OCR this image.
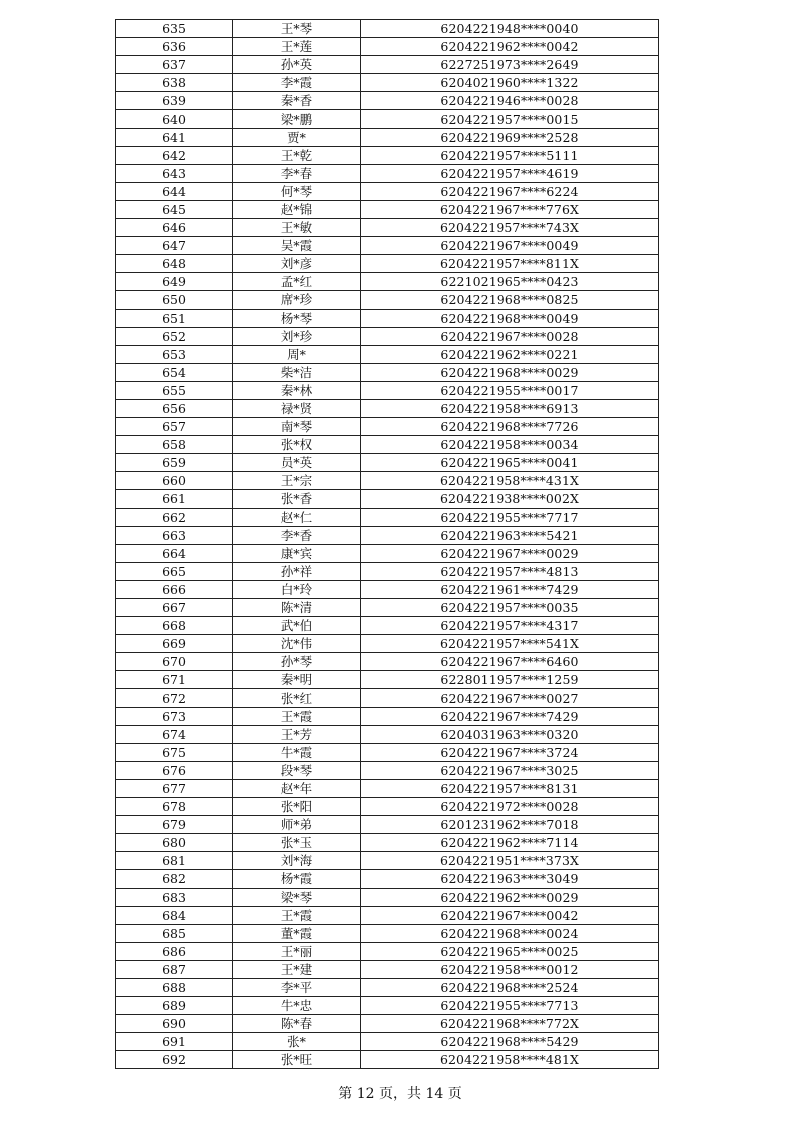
635	王*琴	6204221948****0040
636	王*莲	6204221962****0042
637	孙*英	6227251973****2649
638	李*霞	6204021960****1322
639	秦*香	6204221946****0028
640	梁*鹏	6204221957****0015
641	贾*	6204221969****2528
642	王*乾	6204221957****5111
643	李*春	6204221957****4619
644	何*琴	6204221967****6224
645	赵*锦	6204221967****776X
646	王*敏	6204221957****743X
647	吴*霞	6204221967****0049
648	刘*彦	6204221957****811X
649	孟*红	6221021965****0423
650	席*珍	6204221968****0825
651	杨*琴	6204221968****0049
652	刘*珍	6204221967****0028
653	周*	6204221962****0221
654	柴*洁	6204221968****0029
655	秦*林	6204221955****0017
656	禄*贤	6204221958****6913
657	南*琴	6204221968****7726
658	张*权	6204221958****0034
659	员*英	6204221965****0041
660	王*宗	6204221958****431X
661	张*香	6204221938****002X
662	赵*仁	6204221955****7717
663	李*香	6204221963****5421
664	康*宾	6204221967****0029
665	孙*祥	6204221957****4813
666	白*玲	6204221961****7429
667	陈*清	6204221957****0035
668	武*伯	6204221957****4317
669	沈*伟	6204221957****541X
670	孙*琴	6204221967****6460
671	秦*明	6228011957****1259
672	张*红	6204221967****0027
673	王*霞	6204221967****7429
674	王*芳	6204031963****0320
675	牛*霞	6204221967****3724
676	段*琴	6204221967****3025
677	赵*年	6204221957****8131
678	张*阳	6204221972****0028
679	师*弟	6201231962****7018
680	张*玉	6204221962****7114
681	刘*海	6204221951****373X
682	杨*霞	6204221963****3049
683	梁*琴	6204221962****0029
684	王*霞	6204221967****0042
685	董*霞	6204221968****0024
686	王*丽	6204221965****0025
687	王*建	6204221958****0012
688	李*平	6204221968****2524
689	牛*忠	6204221955****7713
690	陈*春	6204221968****772X
691	张*	6204221968****5429
692	张*旺	6204221958****481X
第 12 页，共 14 页
